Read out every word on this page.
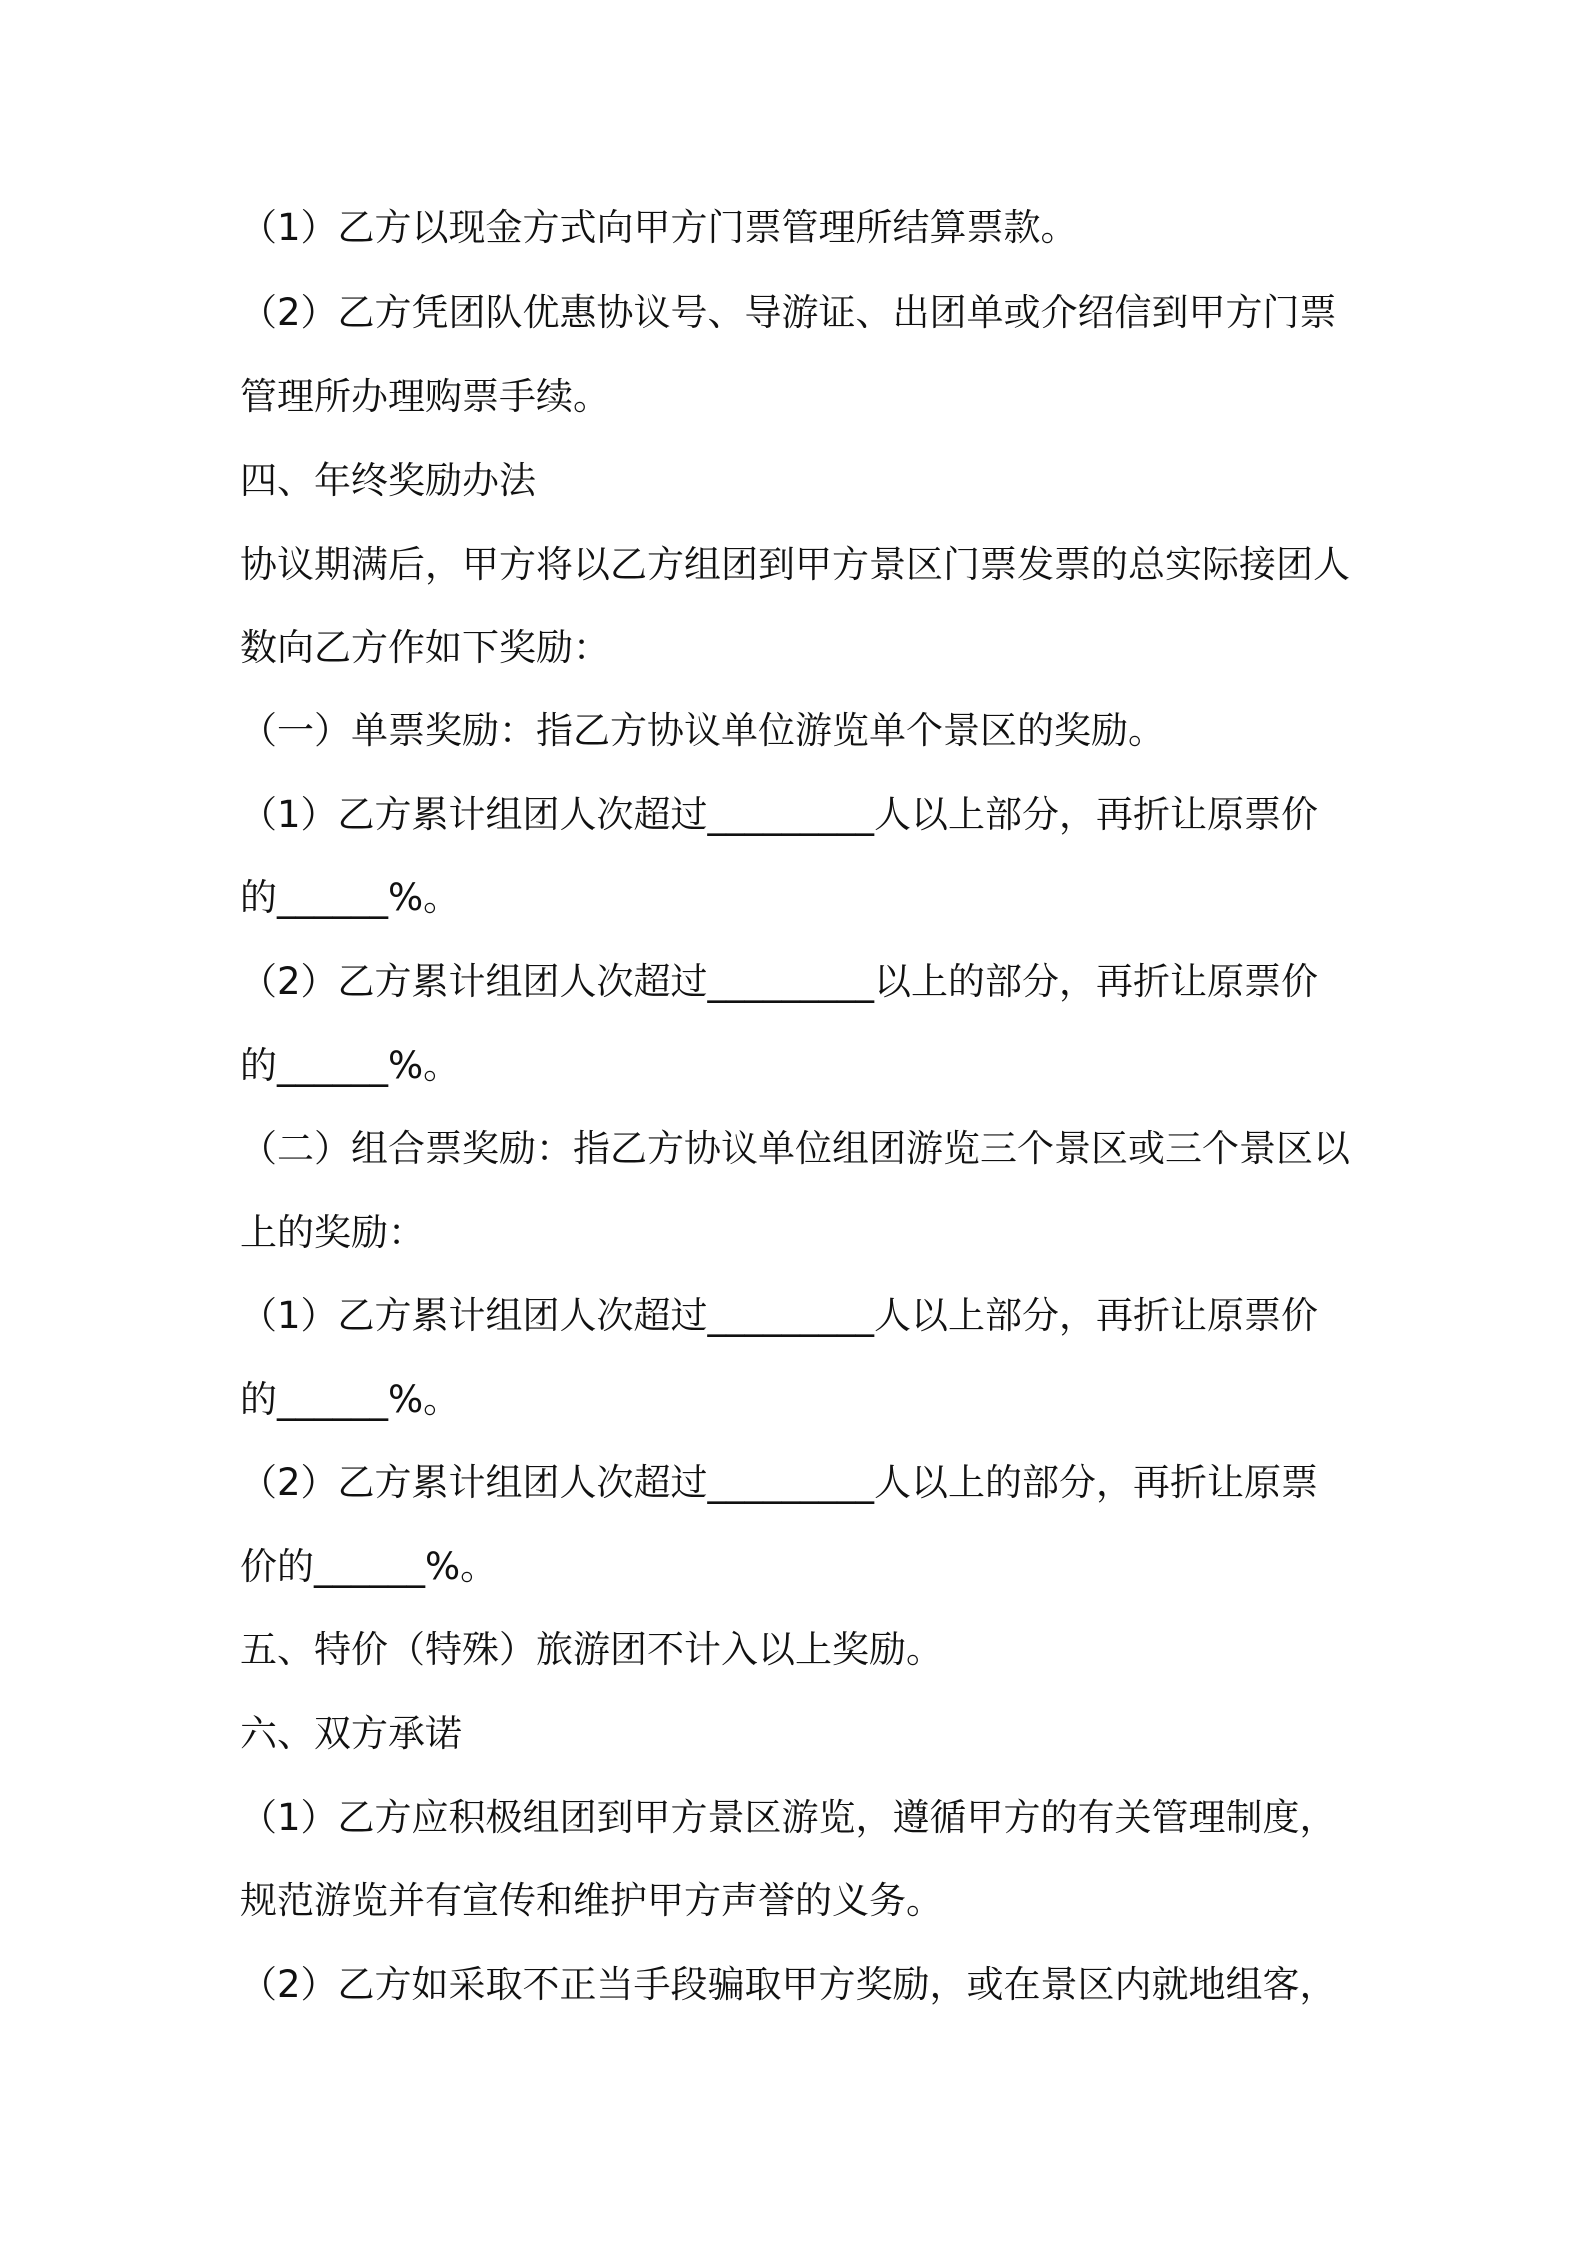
（1）乙方以现金方式向甲方门票管理所结算票款。
（2）乙方凭团队优惠协议号、导游证、出团单或介绍信到甲方门票
管理所办理购票手续。
四、年终奖励办法
协议期满后，甲方将以乙方组团到甲方景区门票发票的总实际接团人
数向乙方作如下奖励：
（一）单票奖励：指乙方协议单位游览单个景区的奖励。
（1）乙方累计组团人次超过_________人以上部分，再折让原票价
的______%。
（2）乙方累计组团人次超过_________以上的部分，再折让原票价
的______%。
（二）组合票奖励：指乙方协议单位组团游览三个景区或三个景区以
上的奖励：
（1）乙方累计组团人次超过_________人以上部分，再折让原票价
的______%。
（2）乙方累计组团人次超过_________人以上的部分，再折让原票
价的______%。
五、特价（特殊）旅游团不计入以上奖励。
六、双方承诺
（1）乙方应积极组团到甲方景区游览，遵循甲方的有关管理制度，
规范游览并有宣传和维护甲方声誉的义务。
（2）乙方如采取不正当手段骗取甲方奖励，或在景区内就地组客，
